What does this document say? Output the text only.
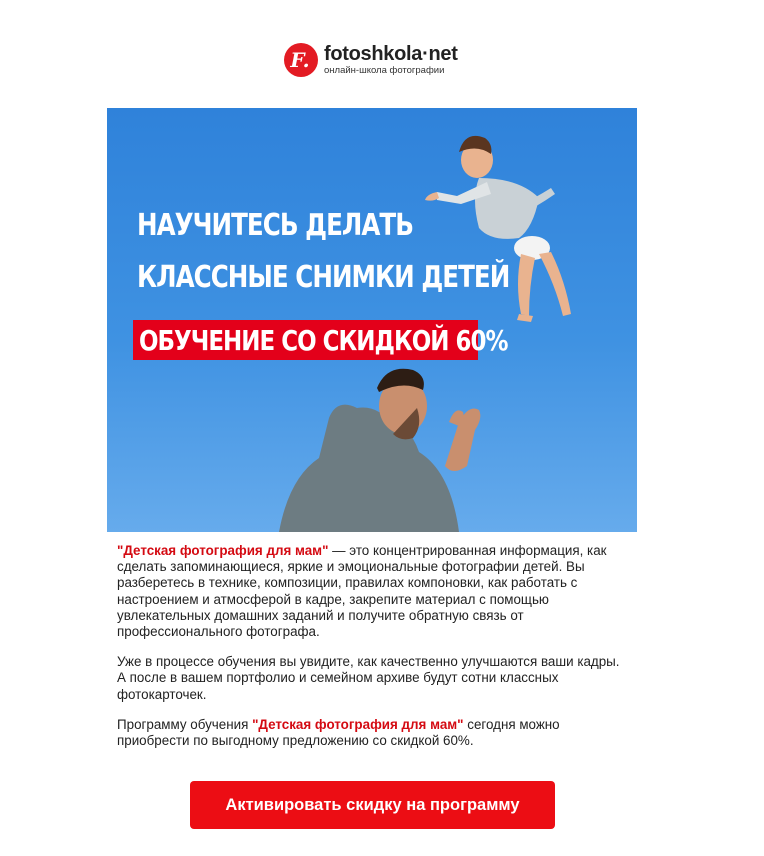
F. fotoshkola·net
онлайн-школа фотографии
НАУЧИТЕСЬ ДЕЛАТЬ
КЛАССНЫЕ СНИМКИ ДЕТЕЙ
ОБУЧЕНИЕ СО СКИДКОЙ 60%

"Детская фотография для мам" — это концентрированная информация, как сделать запоминающиеся, яркие и эмоциональные фотографии детей. Вы разберетесь в технике, композиции, правилах компоновки, как работать с настроением и атмосферой в кадре, закрепите материал с помощью увлекательных домашних заданий и получите обратную связь от профессионального фотографа.

Уже в процессе обучения вы увидите, как качественно улучшаются ваши кадры. А после в вашем портфолио и семейном архиве будут сотни классных фотокарточек.

Программу обучения "Детская фотография для мам" сегодня можно приобрести по выгодному предложению со скидкой 60%.

Активировать скидку на программу
